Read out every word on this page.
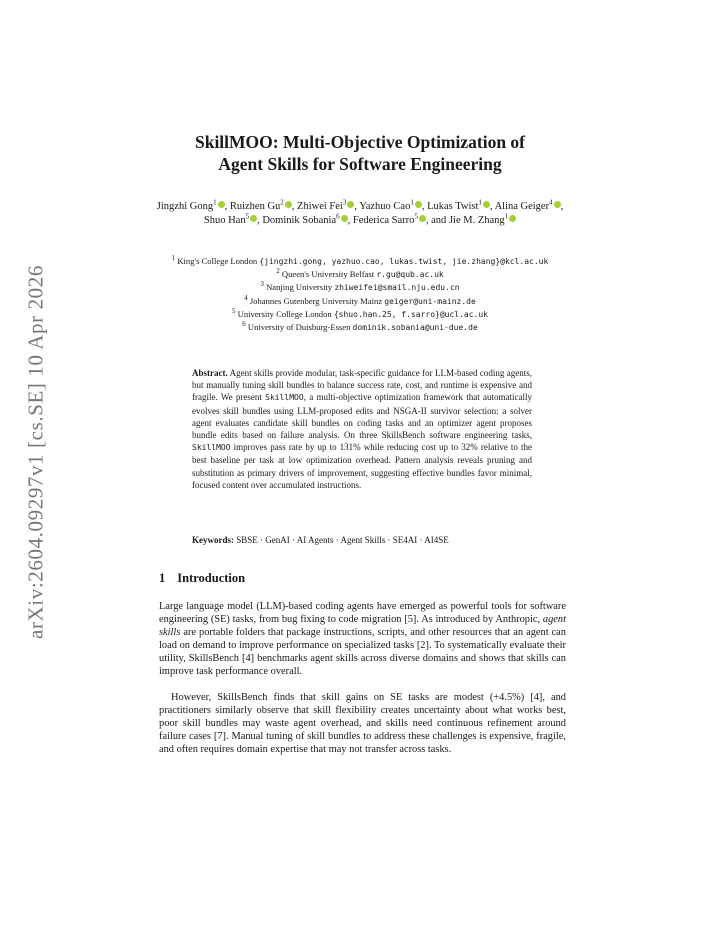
arXiv:2604.09297v1 [cs.SE] 10 Apr 2026
SkillMOO: Multi-Objective Optimization of
Agent Skills for Software Engineering
Jingzhi Gong$^1$ , Ruizhen Gu$^2$ , Zhiwei Fei$^3$ , Yazhuo Cao$^1$ , Lukas Twist$^1$ , Alina Geiger$^4$ , Shuo Han$^5$ , Dominik Sobania$^6$ , Federica Sarro$^5$ , and Jie M. Zhang$^1$
$^1$ King's College London {jingzhi.gong, yazhuo.cao, lukas.twist, jie.zhang}@kcl.ac.uk
$^2$ Queen's University Belfast r.gu@qub.ac.uk
$^3$ Nanjing University zhiweifei@smail.nju.edu.cn
$^4$ Johannes Gutenberg University Mainz geiger@uni-mainz.de
$^5$ University College London {shuo.han.25, f.sarro}@ucl.ac.uk
$^6$ University of Duisburg-Essen dominik.sobania@uni-due.de
Abstract. Agent skills provide modular, task-specific guidance for LLM-based coding agents, but manually tuning skill bundles to balance success rate, cost, and runtime is expensive and fragile. We present SkillMOO, a multi-objective optimization framework that automatically evolves skill bundles using LLM-proposed edits and NSGA-II survivor selection: a solver agent evaluates candidate skill bundles on coding tasks and an optimizer agent proposes bundle edits based on failure analysis. On three SkillsBench software engineering tasks, SkillMOO improves pass rate by up to 131% while reducing cost up to 32% relative to the best baseline per task at low optimization overhead. Pattern analysis reveals pruning and substitution as primary drivers of improvement, suggesting effective bundles favor minimal, focused content over accumulated instructions.
Keywords: SBSE · GenAI · AI Agents · Agent Skills · SE4AI · AI4SE
1 Introduction
Large language model (LLM)-based coding agents have emerged as powerful tools for software engineering (SE) tasks, from bug fixing to code migration [5]. As introduced by Anthropic, agent skills are portable folders that package instructions, scripts, and other resources that an agent can load on demand to improve performance on specialized tasks [2]. To systematically evaluate their utility, SkillsBench [4] benchmarks agent skills across diverse domains and shows that skills can improve task performance overall.
However, SkillsBench finds that skill gains on SE tasks are modest (+4.5%) [4], and practitioners similarly observe that skill flexibility creates uncertainty about what works best, poor skill bundles may waste agent overhead, and skills need continuous refinement around failure cases [7]. Manual tuning of skill bundles to address these challenges is expensive, fragile, and often requires domain expertise that may not transfer across tasks.
